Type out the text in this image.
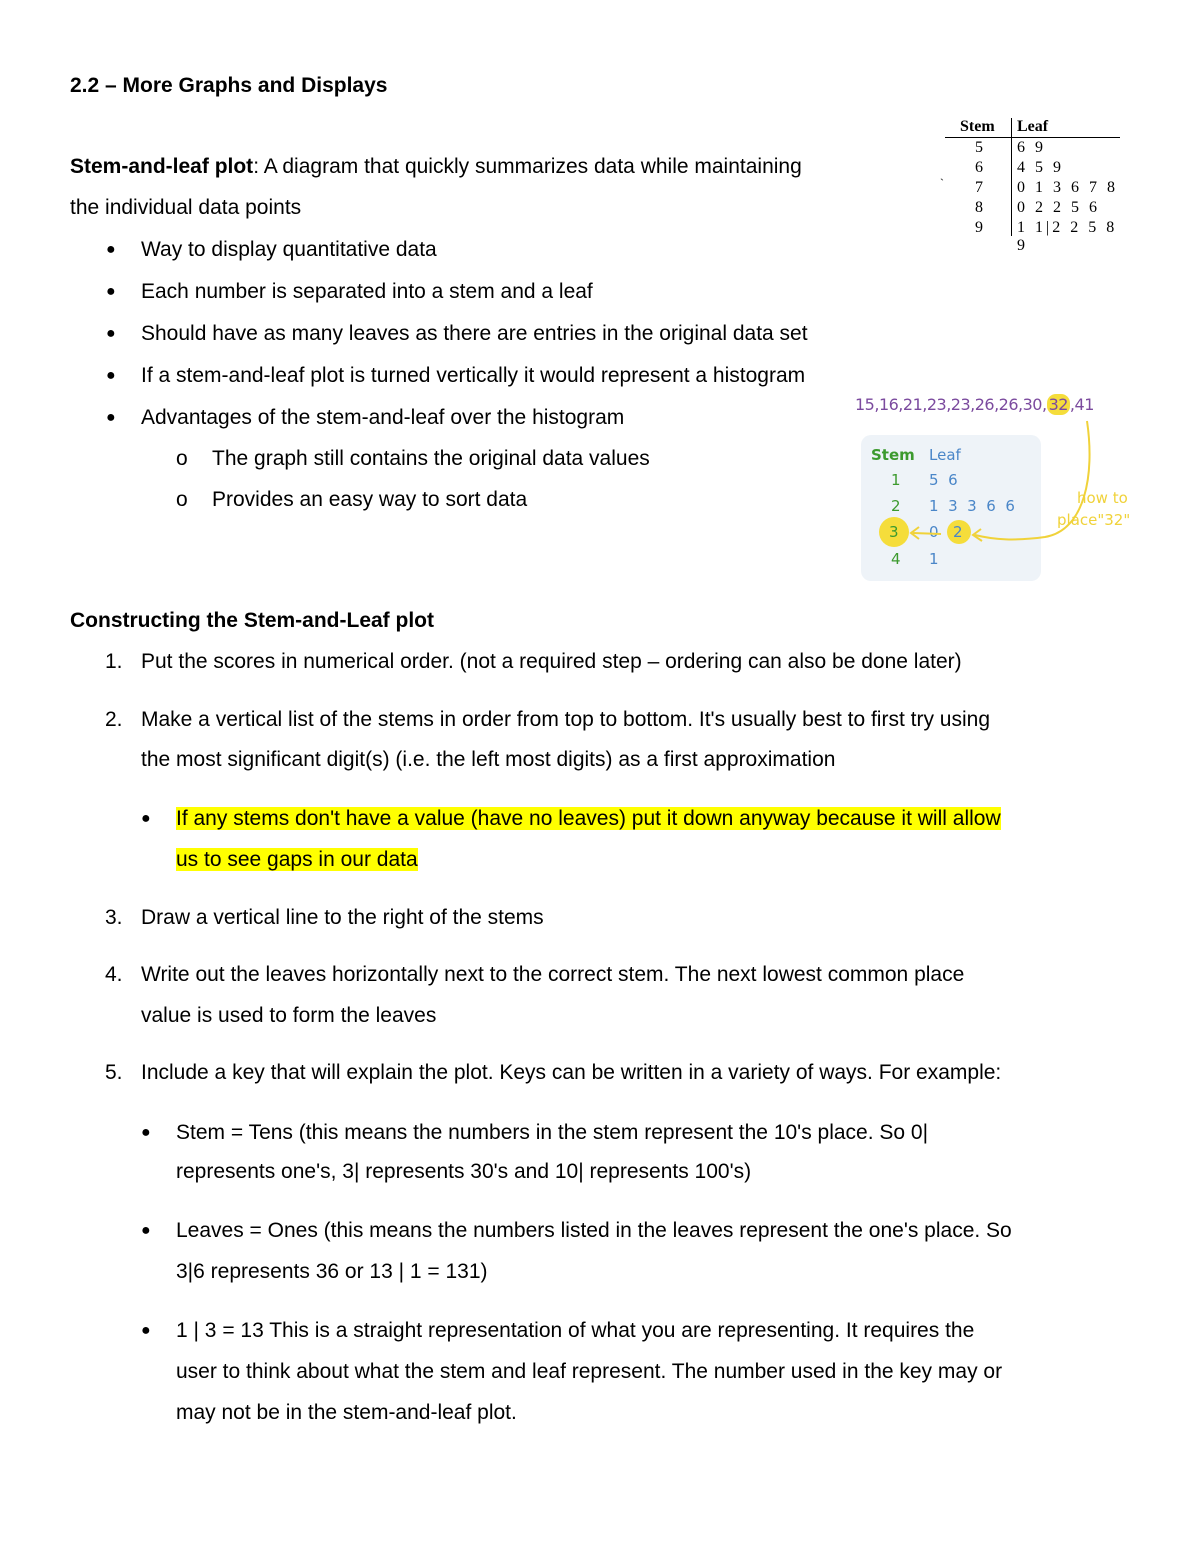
2.2 – More Graphs and Displays
Stem-and-leaf plot: A diagram that quickly summarizes data while maintaining
the individual data points
● Way to display quantitative data
● Each number is separated into a stem and a leaf
● Should have as many leaves as there are entries in the original data set
● If a stem-and-leaf plot is turned vertically it would represent a histogram
● Advantages of the stem-and-leaf over the histogram
o The graph still contains the original data values
o Provides an easy way to sort data
Stem Leaf
`
5 6 9
6 4 5 9
7 0 1 3 6 7 8
8 0 2 2 5 6
9 1 1|2 2 5 8 9
15,16,21,23,23,26,26,30, 32 ,41
Stem Leaf
1 5  6
2 1  3  3  6  6
3 0 2
4 1
how to
place"32"
Constructing the Stem-and-Leaf plot
1. Put the scores in numerical order. (not a required step – ordering can also be done later)
2. Make a vertical list of the stems in order from top to bottom. It's usually best to first try using
the most significant digit(s) (i.e. the left most digits) as a first approximation
● If any stems don't have a value (have no leaves) put it down anyway because it will allow
us to see gaps in our data
3. Draw a vertical line to the right of the stems
4. Write out the leaves horizontally next to the correct stem. The next lowest common place
value is used to form the leaves
5. Include a key that will explain the plot. Keys can be written in a variety of ways. For example:
● Stem = Tens (this means the numbers in the stem represent the 10's place. So 0|
represents one's, 3| represents 30's and 10| represents 100's)
● Leaves = Ones (this means the numbers listed in the leaves represent the one's place. So
3|6 represents 36 or 13 | 1 = 131)
● 1 | 3 = 13 This is a straight representation of what you are representing. It requires the
user to think about what the stem and leaf represent. The number used in the key may or
may not be in the stem-and-leaf plot.
